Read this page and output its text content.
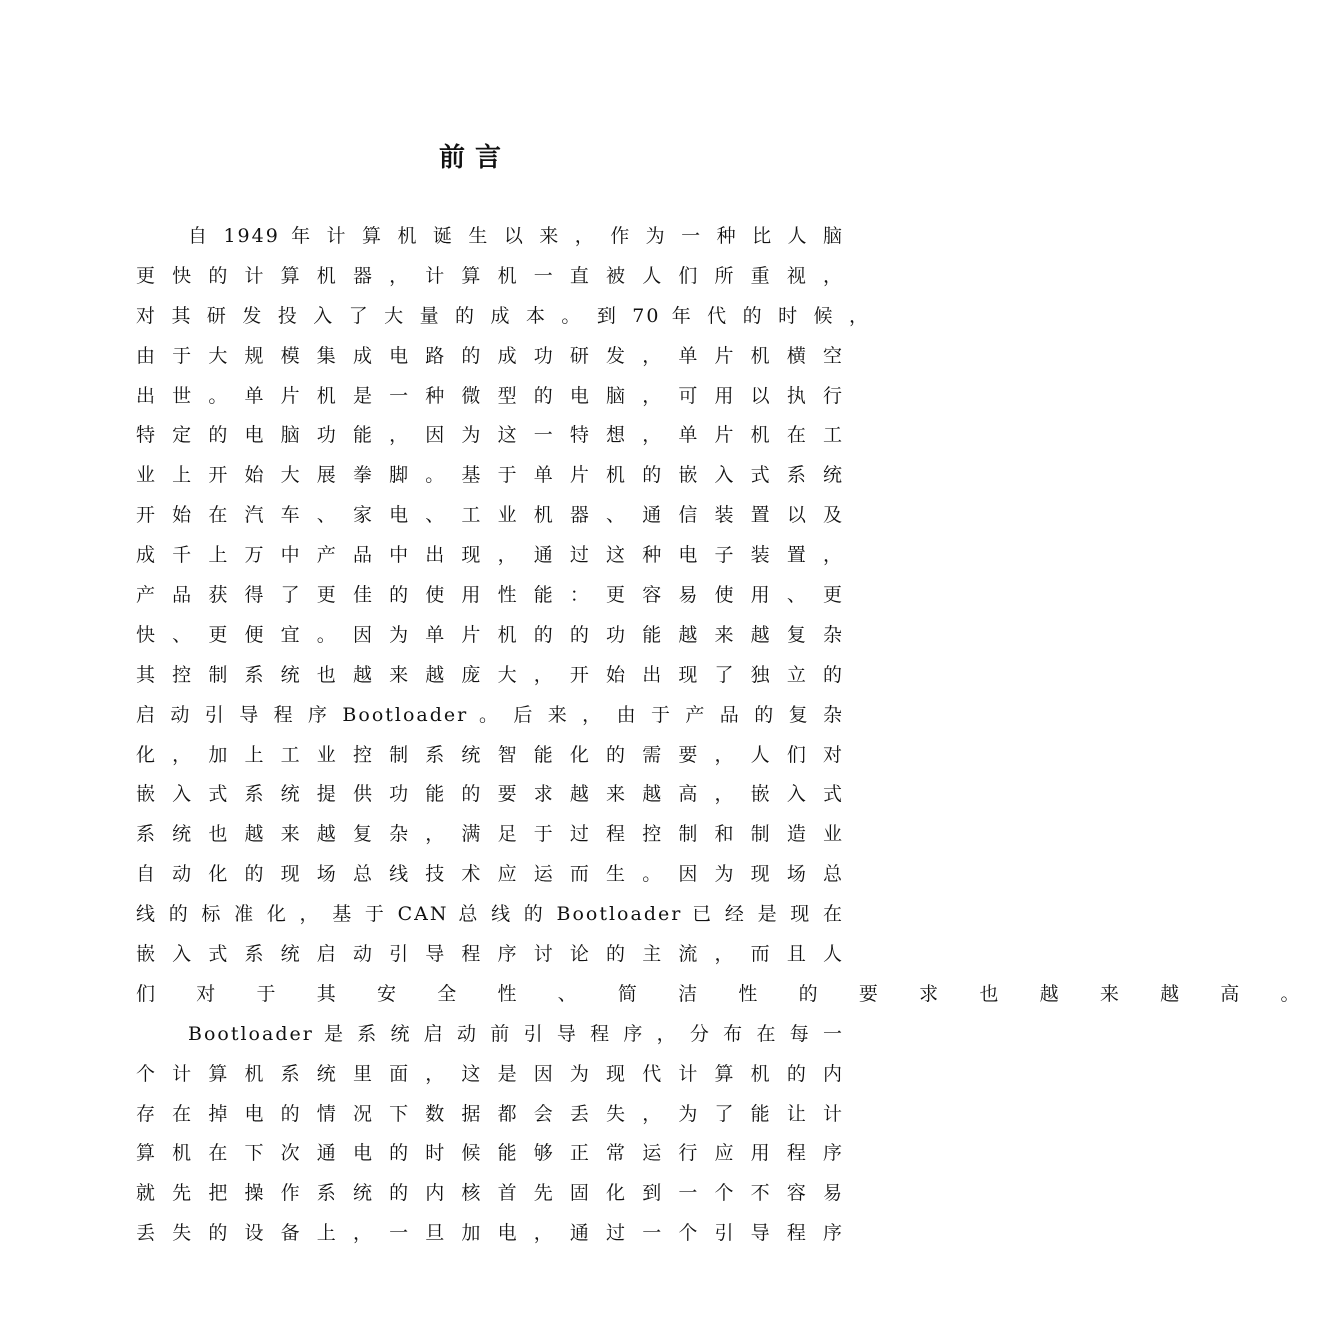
前言
自 1949 年 计 算 机 诞 生 以 来 ， 作 为 一 种 比 人 脑
更 快 的 计 算 机 器 ， 计 算 机 一 直 被 人 们 所 重 视 ，
对 其 研 发 投 入 了 大 量 的 成 本 。 到 70 年 代 的 时 候 ，
由 于 大 规 模 集 成 电 路 的 成 功 研 发 ， 单 片 机 横 空
出 世 。 单 片 机 是 一 种 微 型 的 电 脑 ， 可 用 以 执 行
特 定 的 电 脑 功 能 ， 因 为 这 一 特 想 ， 单 片 机 在 工
业 上 开 始 大 展 拳 脚 。 基 于 单 片 机 的 嵌 入 式 系 统
开 始 在 汽 车 、 家 电 、 工 业 机 器 、 通 信 装 置 以 及
成 千 上 万 中 产 品 中 出 现 ， 通 过 这 种 电 子 装 置 ，
产 品 获 得 了 更 佳 的 使 用 性 能 ： 更 容 易 使 用 、 更
快 、 更 便 宜 。 因 为 单 片 机 的 的 功 能 越 来 越 复 杂
其 控 制 系 统 也 越 来 越 庞 大 ， 开 始 出 现 了 独 立 的
启 动 引 导 程 序 Bootloader 。 后 来 ， 由 于 产 品 的 复 杂
化 ， 加 上 工 业 控 制 系 统 智 能 化 的 需 要 ， 人 们 对
嵌 入 式 系 统 提 供 功 能 的 要 求 越 来 越 高 ， 嵌 入 式
系 统 也 越 来 越 复 杂 ， 满 足 于 过 程 控 制 和 制 造 业
自 动 化 的 现 场 总 线 技 术 应 运 而 生 。 因 为 现 场 总
线 的 标 准 化 ， 基 于 CAN 总 线 的 Bootloader 已 经 是 现 在
嵌 入 式 系 统 启 动 引 导 程 序 讨 论 的 主 流 ， 而 且 人
们 对 于 其 安 全 性 、 简 洁 性 的 要 求 也 越 来 越 高 。
Bootloader 是 系 统 启 动 前 引 导 程 序 ， 分 布 在 每 一
个 计 算 机 系 统 里 面 ， 这 是 因 为 现 代 计 算 机 的 内
存 在 掉 电 的 情 况 下 数 据 都 会 丢 失 ， 为 了 能 让 计
算 机 在 下 次 通 电 的 时 候 能 够 正 常 运 行 应 用 程 序
就 先 把 操 作 系 统 的 内 核 首 先 固 化 到 一 个 不 容 易
丢 失 的 设 备 上 ， 一 旦 加 电 ， 通 过 一 个 引 导 程 序
